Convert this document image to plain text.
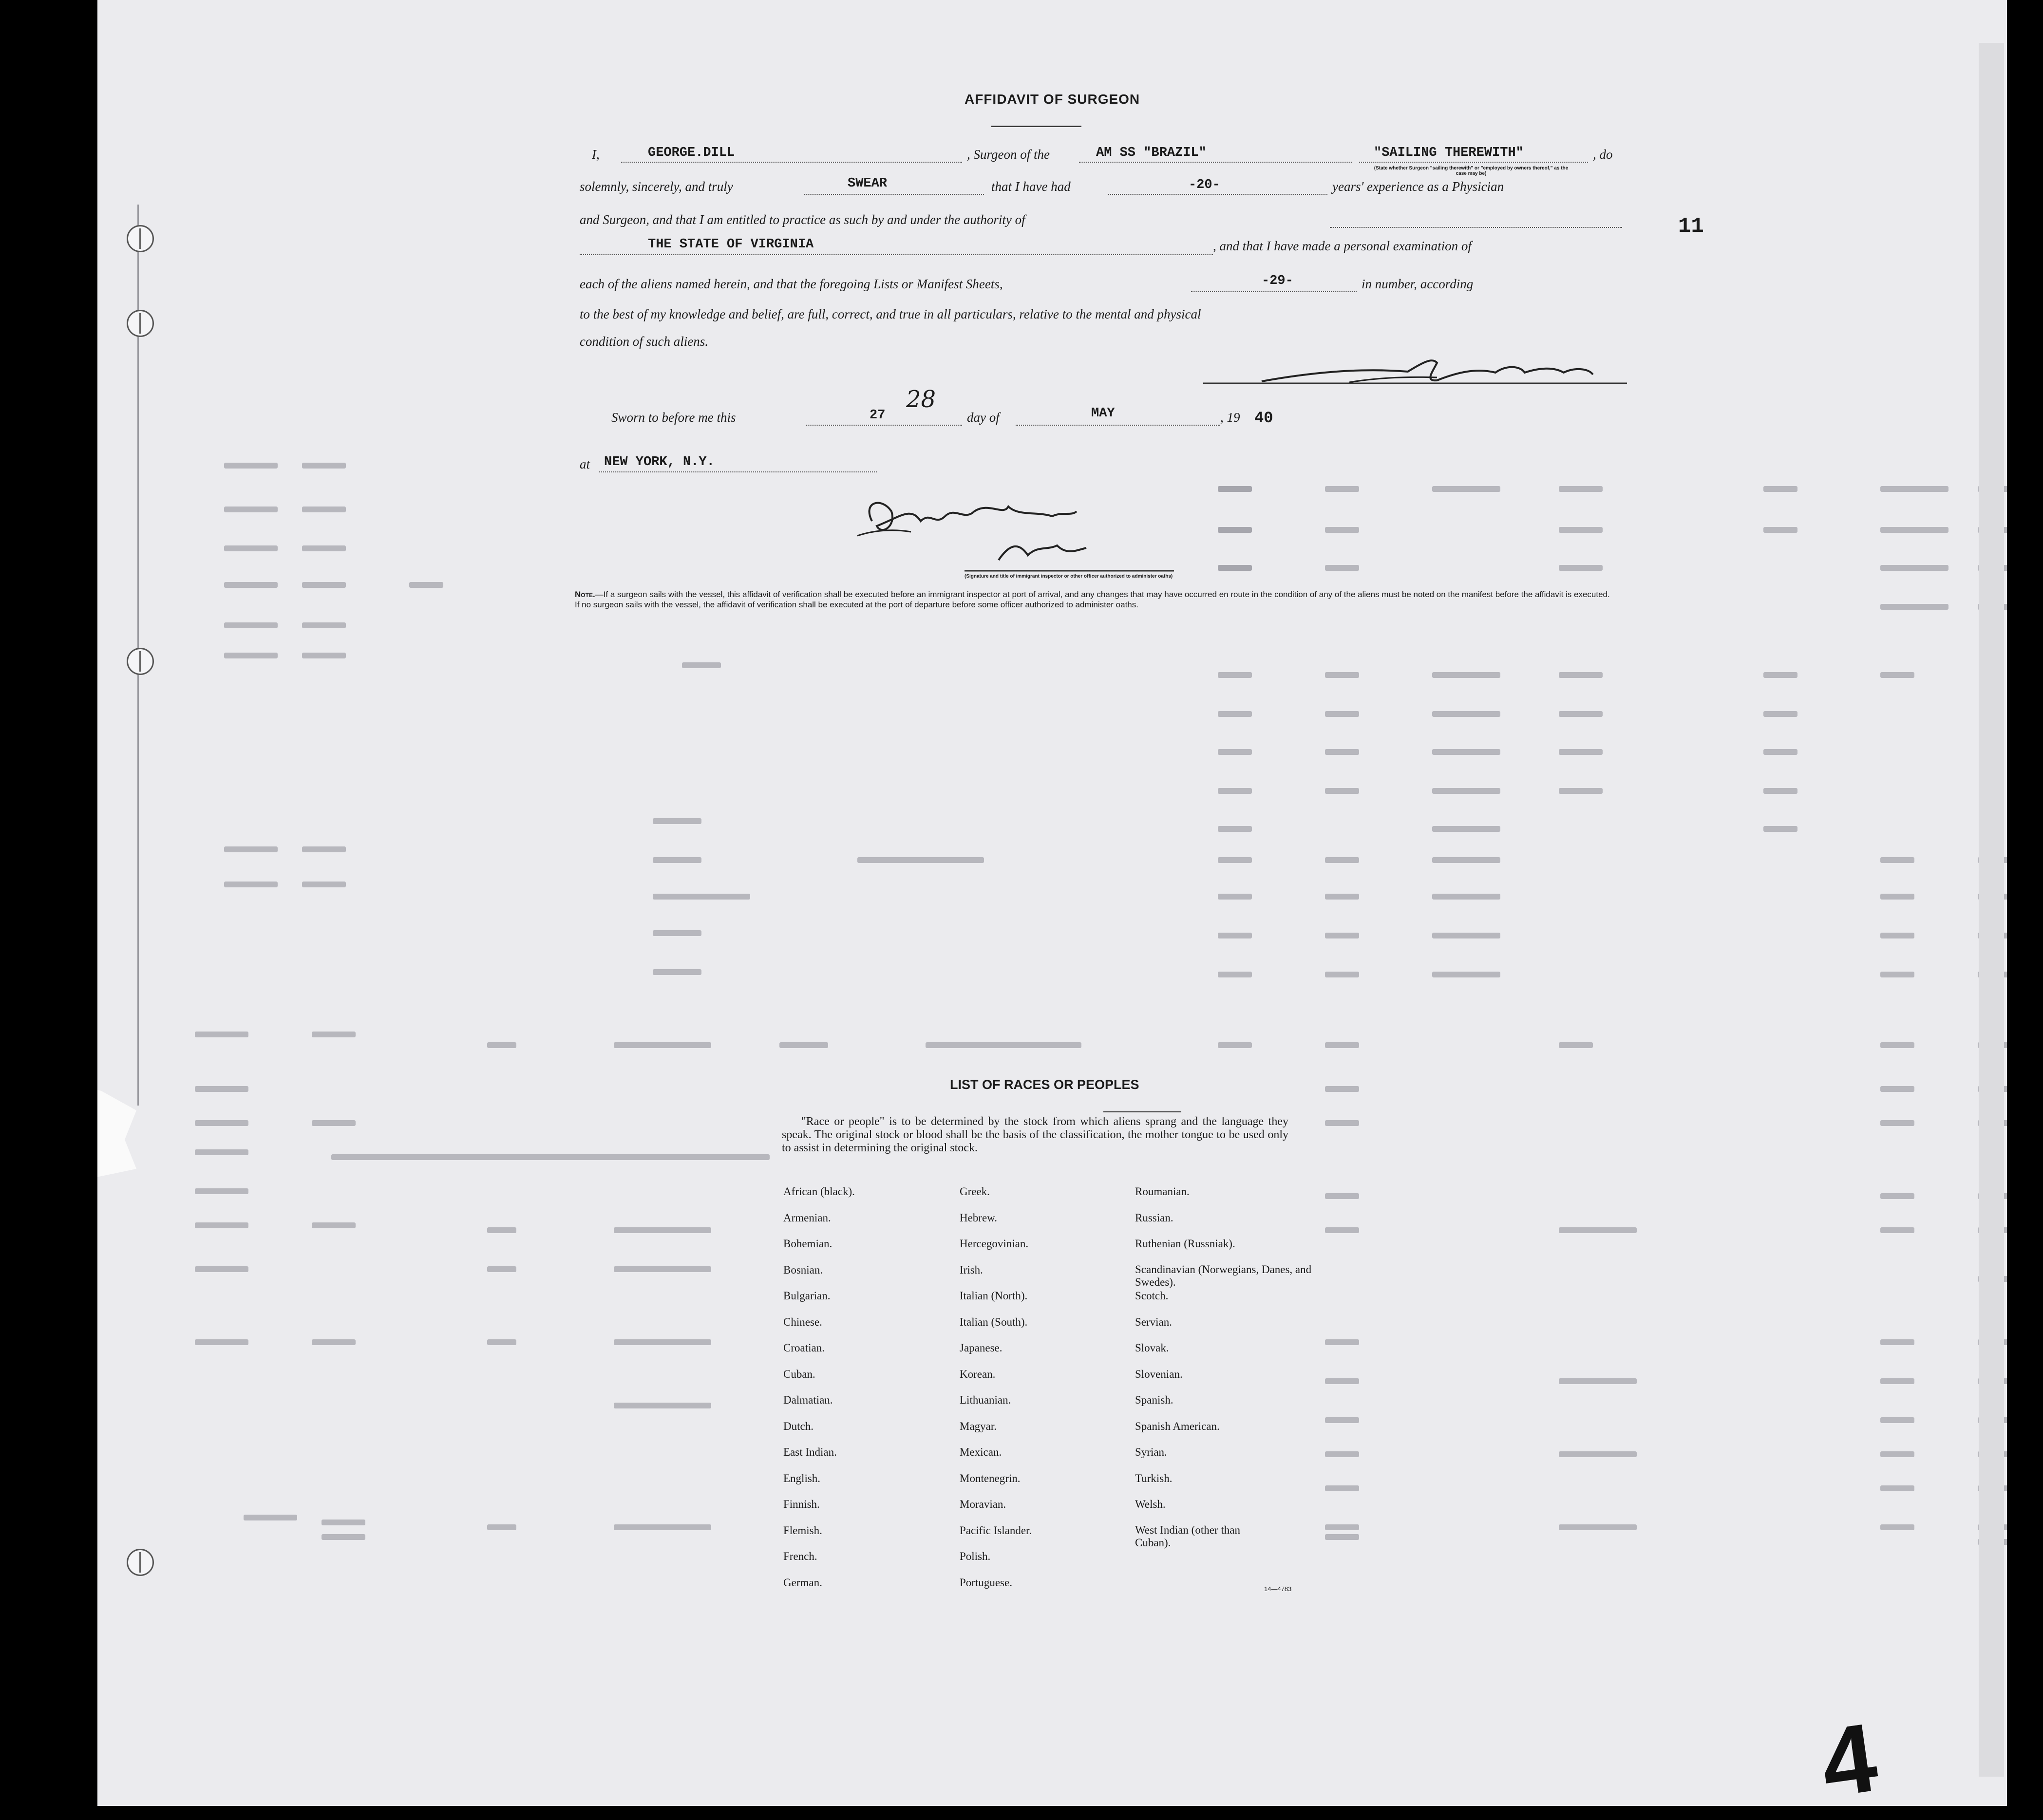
AFFIDAVIT OF SURGEON
I,	GEORGE.DILL	, Surgeon of the	AM SS "BRAZIL"	"SAILING THEREWITH"	, do
(State whether Surgeon "sailing therewith" or "employed by owners thereof," as the case may be)
solemnly, sincerely, and truly	SWEAR	that I have had	-20-	years' experience as a Physician
and Surgeon, and that I am entitled to practice as such by and under the authority of
THE STATE OF VIRGINIA	, and that I have made a personal examination of
each of the aliens named herein, and that the foregoing Lists or Manifest Sheets,	-29-	in number, according
to the best of my knowledge and belief, are full, correct, and true in all particulars, relative to the mental and physical
condition of such aliens.
Sworn to before me this	27
28
day of	MAY	, 19 40
at NEW YORK, N.Y.
(Signature and title of immigrant inspector or other officer authorized to administer oaths)
Note.—If a surgeon sails with the vessel, this affidavit of verification shall be executed before an immigrant inspector at port of arrival, and any changes that may have occurred en route in the condition of any of the aliens must be noted on the manifest before the affidavit is executed.
If no surgeon sails with the vessel, the affidavit of verification shall be executed at the port of departure before some officer authorized to administer oaths.
11
LIST OF RACES OR PEOPLES
"Race or people" is to be determined by the stock from which aliens sprang and the language they speak. The original stock or blood shall be the basis of the classification, the mother tongue to be used only to assist in determining the original stock.
African (black).
Armenian.
Bohemian.
Bosnian.
Bulgarian.
Chinese.
Croatian.
Cuban.
Dalmatian.
Dutch.
East Indian.
English.
Finnish.
Flemish.
French.
German.
Greek.
Hebrew.
Hercegovinian.
Irish.
Italian (North).
Italian (South).
Japanese.
Korean.
Lithuanian.
Magyar.
Mexican.
Montenegrin.
Moravian.
Pacific Islander.
Polish.
Portuguese.
Roumanian.
Russian.
Ruthenian (Russniak).
Scandinavian (Norwegians, Danes, and Swedes).
Scotch.
Servian.
Slovak.
Slovenian.
Spanish.
Spanish American.
Syrian.
Turkish.
Welsh.
West Indian (other than Cuban).
14—4783
4
